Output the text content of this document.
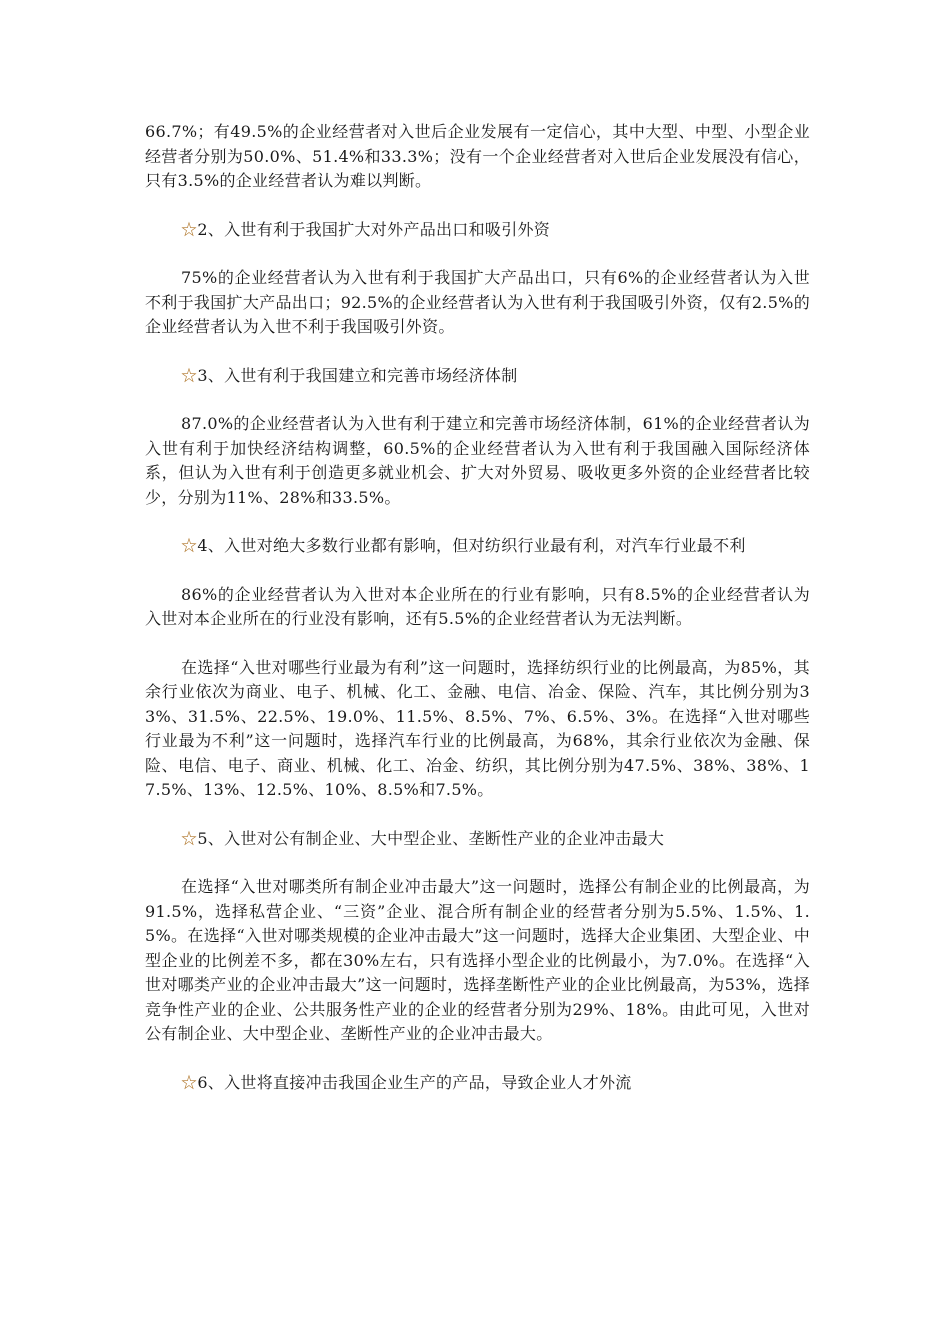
66.7%；有49.5%的企业经营者对入世后企业发展有一定信心，其中大型、中型、小型企业经营者分别为50.0%、51.4%和33.3%；没有一个企业经营者对入世后企业发展没有信心，只有3.5%的企业经营者认为难以判断。

☆2、入世有利于我国扩大对外产品出口和吸引外资

75%的企业经营者认为入世有利于我国扩大产品出口，只有6%的企业经营者认为入世不利于我国扩大产品出口；92.5%的企业经营者认为入世有利于我国吸引外资，仅有2.5%的企业经营者认为入世不利于我国吸引外资。

☆3、入世有利于我国建立和完善市场经济体制

87.0%的企业经营者认为入世有利于建立和完善市场经济体制，61%的企业经营者认为入世有利于加快经济结构调整，60.5%的企业经营者认为入世有利于我国融入国际经济体系，但认为入世有利于创造更多就业机会、扩大对外贸易、吸收更多外资的企业经营者比较少，分别为11%、28%和33.5%。

☆4、入世对绝大多数行业都有影响，但对纺织行业最有利，对汽车行业最不利

86%的企业经营者认为入世对本企业所在的行业有影响，只有8.5%的企业经营者认为入世对本企业所在的行业没有影响，还有5.5%的企业经营者认为无法判断。

在选择“入世对哪些行业最为有利”这一问题时，选择纺织行业的比例最高，为85%，其余行业依次为商业、电子、机械、化工、金融、电信、冶金、保险、汽车，其比例分别为33%、31.5%、22.5%、19.0%、11.5%、8.5%、7%、6.5%、3%。在选择“入世对哪些行业最为不利”这一问题时，选择汽车行业的比例最高，为68%，其余行业依次为金融、保险、电信、电子、商业、机械、化工、冶金、纺织，其比例分别为47.5%、38%、38%、17.5%、13%、12.5%、10%、8.5%和7.5%。

☆5、入世对公有制企业、大中型企业、垄断性产业的企业冲击最大

在选择“入世对哪类所有制企业冲击最大”这一问题时，选择公有制企业的比例最高，为91.5%，选择私营企业、“三资”企业、混合所有制企业的经营者分别为5.5%、1.5%、1.5%。在选择“入世对哪类规模的企业冲击最大”这一问题时，选择大企业集团、大型企业、中型企业的比例差不多，都在30%左右，只有选择小型企业的比例最小，为7.0%。在选择“入世对哪类产业的企业冲击最大”这一问题时，选择垄断性产业的企业比例最高，为53%，选择竞争性产业的企业、公共服务性产业的企业的经营者分别为29%、18%。由此可见，入世对公有制企业、大中型企业、垄断性产业的企业冲击最大。

☆6、入世将直接冲击我国企业生产的产品，导致企业人才外流
